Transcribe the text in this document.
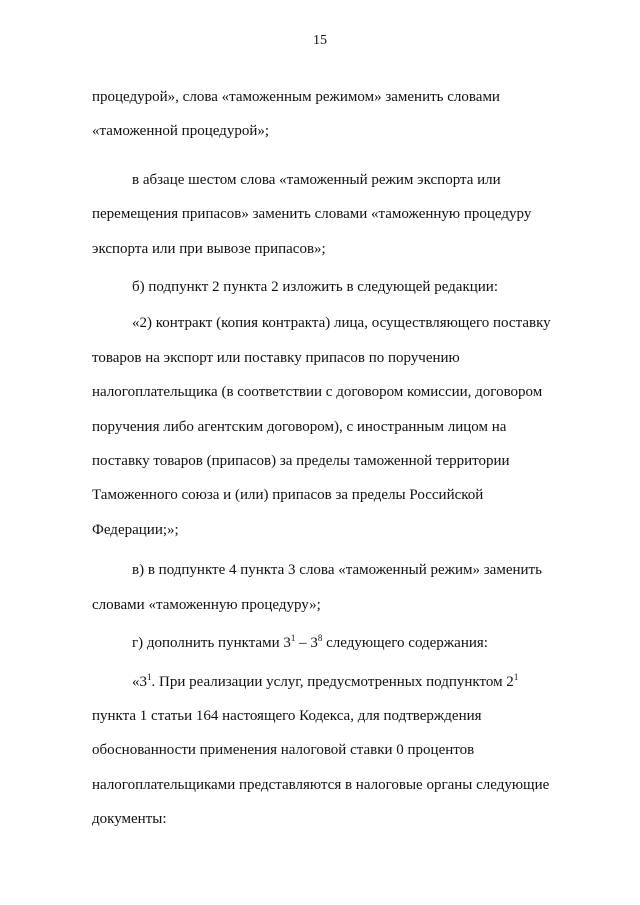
15

процедурой», слова «таможенным режимом» заменить словами
«таможенной процедурой»;

в абзаце шестом слова «таможенный режим экспорта или
перемещения припасов» заменить словами «таможенную процедуру
экспорта или при вывозе припасов»;

б) подпункт 2 пункта 2 изложить в следующей редакции:

«2) контракт (копия контракта) лица, осуществляющего поставку
товаров на экспорт или поставку припасов по поручению
налогоплательщика (в соответствии с договором комиссии, договором
поручения либо агентским договором), с иностранным лицом на
поставку товаров (припасов) за пределы таможенной территории
Таможенного союза и (или) припасов за пределы Российской
Федерации;»;

в) в подпункте 4 пункта 3 слова «таможенный режим» заменить
словами «таможенную процедуру»;

г) дополнить пунктами $3^1 - 3^8$ следующего содержания:

«$3^1$. При реализации услуг, предусмотренных подпунктом $2^1$
пункта 1 статьи 164 настоящего Кодекса, для подтверждения
обоснованности применения налоговой ставки 0 процентов
налогоплательщиками представляются в налоговые органы следующие
документы:
